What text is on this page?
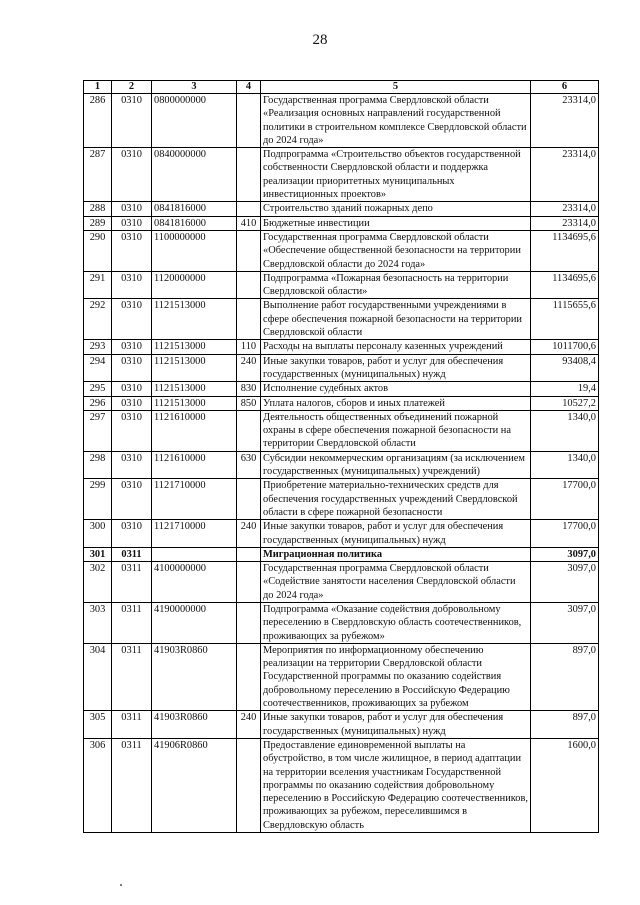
28
1	2	3	4	5	6
286	0310	0800000000		Государственная программа Свердловской области «Реализация основных направлений государственной политики в строительном комплексе Свердловской области до 2024 года»	23314,0
287	0310	0840000000		Подпрограмма «Строительство объектов государственной собственности Свердловской области и поддержка реализации приоритетных муниципальных инвестиционных проектов»	23314,0
288	0310	0841816000		Строительство зданий пожарных депо	23314,0
289	0310	0841816000	410	Бюджетные инвестиции	23314,0
290	0310	1100000000		Государственная программа Свердловской области «Обеспечение общественной безопасности на территории Свердловской области до 2024 года»	1134695,6
291	0310	1120000000		Подпрограмма «Пожарная безопасность на территории Свердловской области»	1134695,6
292	0310	1121513000		Выполнение работ государственными учреждениями в сфере обеспечения пожарной безопасности на территории Свердловской области	1115655,6
293	0310	1121513000	110	Расходы на выплаты персоналу казенных учреждений	1011700,6
294	0310	1121513000	240	Иные закупки товаров, работ и услуг для обеспечения государственных (муниципальных) нужд	93408,4
295	0310	1121513000	830	Исполнение судебных актов	19,4
296	0310	1121513000	850	Уплата налогов, сборов и иных платежей	10527,2
297	0310	1121610000		Деятельность общественных объединений пожарной охраны в сфере обеспечения пожарной безопасности на территории Свердловской области	1340,0
298	0310	1121610000	630	Субсидии некоммерческим организациям (за исключением государственных (муниципальных) учреждений)	1340,0
299	0310	1121710000		Приобретение материально-технических средств для обеспечения государственных учреждений Свердловской области в сфере пожарной безопасности	17700,0
300	0310	1121710000	240	Иные закупки товаров, работ и услуг для обеспечения государственных (муниципальных) нужд	17700,0
301	0311			Миграционная политика	3097,0
302	0311	4100000000		Государственная программа Свердловской области «Содействие занятости населения Свердловской области до 2024 года»	3097,0
303	0311	4190000000		Подпрограмма «Оказание содействия добровольному переселению в Свердловскую область соотечественников, проживающих за рубежом»	3097,0
304	0311	41903R0860		Мероприятия по информационному обеспечению реализации на территории Свердловской области Государственной программы по оказанию содействия добровольному переселению в Российскую Федерацию соотечественников, проживающих за рубежом	897,0
305	0311	41903R0860	240	Иные закупки товаров, работ и услуг для обеспечения государственных (муниципальных) нужд	897,0
306	0311	41906R0860		Предоставление единовременной выплаты на обустройство, в том числе жилищное, в период адаптации на территории вселения участникам Государственной программы по оказанию содействия добровольному переселению в Российскую Федерацию соотечественников, проживающих за рубежом, переселившимся в Свердловскую область	1600,0
